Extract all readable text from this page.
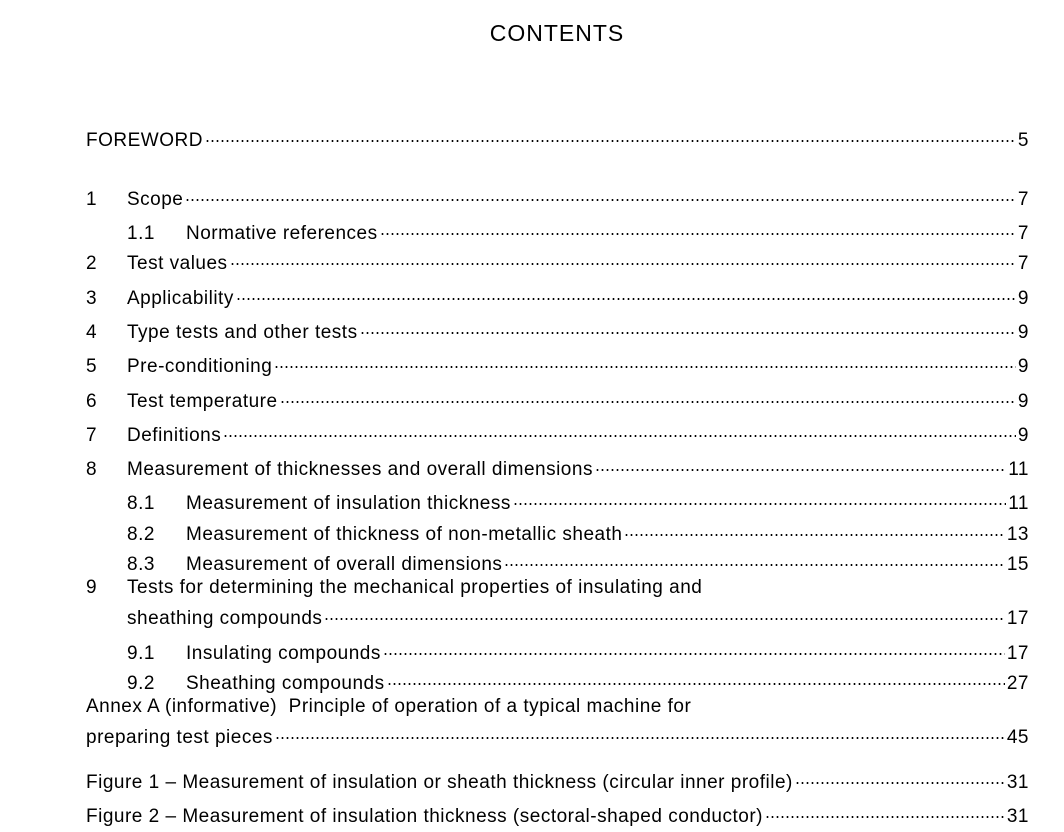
CONTENTS
FOREWORD	5
1	Scope	7
1.1	Normative references	7
2	Test values	7
3	Applicability	9
4	Type tests and other tests	9
5	Pre-conditioning	9
6	Test temperature	9
7	Definitions	9
8	Measurement of thicknesses and overall dimensions	11
8.1	Measurement of insulation thickness	11
8.2	Measurement of thickness of non-metallic sheath	13
8.3	Measurement of overall dimensions	15
9 Tests for determining the mechanical properties of insulating and
sheathing compounds	17
9.1	Insulating compounds	17
9.2	Sheathing compounds	27
Annex A (informative)  Principle of operation of a typical machine for
preparing test pieces	45
Figure 1 – Measurement of insulation or sheath thickness (circular inner profile)	31
Figure 2 – Measurement of insulation thickness (sectoral-shaped conductor)	31
